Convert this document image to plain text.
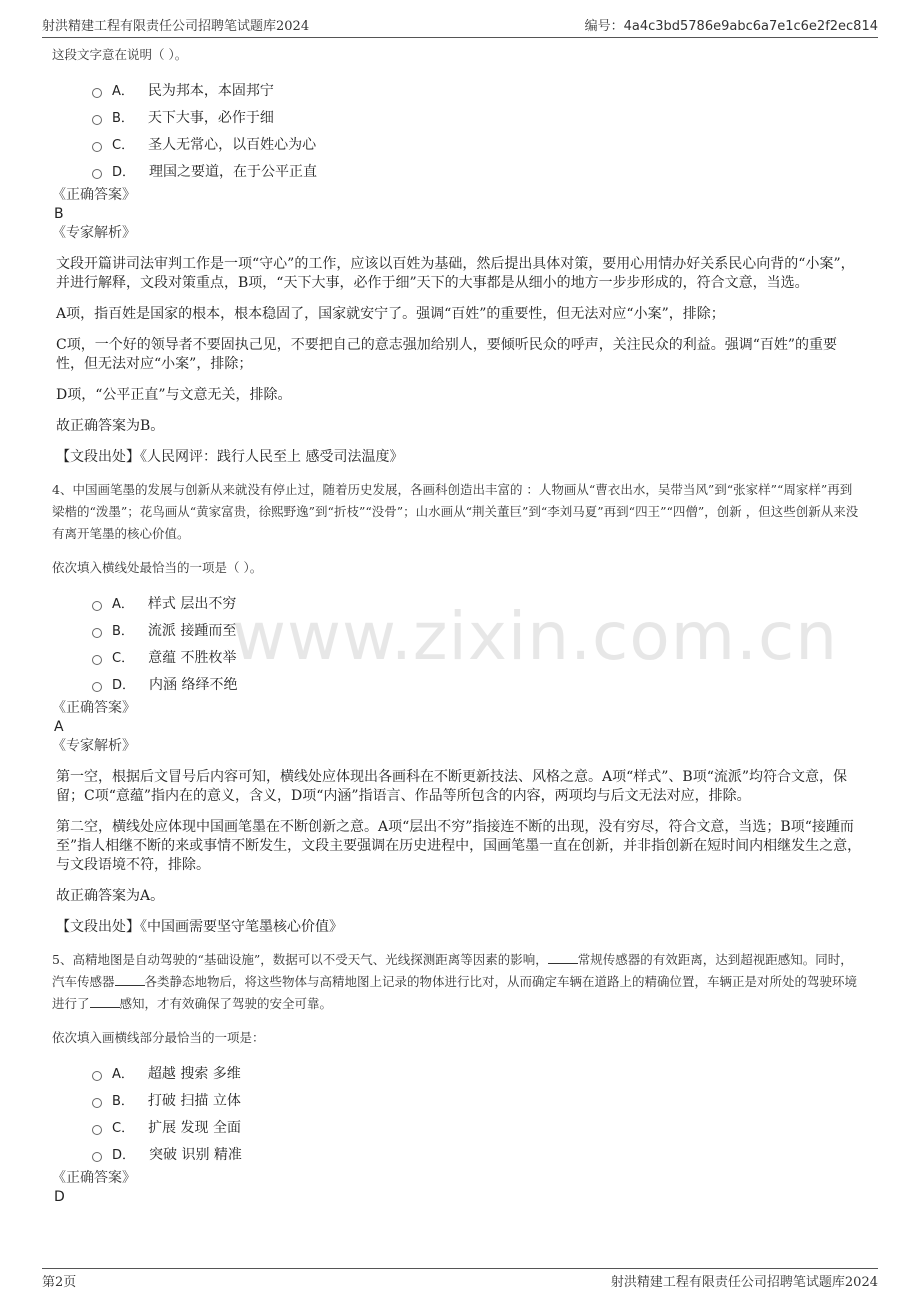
射洪精建工程有限责任公司招聘笔试题库2024	编号：4a4c3bd5786e9abc6a7e1c6e2f2ec814
www.zixin.com.cn

这段文字意在说明（ ）。

A． 民为邦本，本固邦宁
B． 天下大事，必作于细
C． 圣人无常心，以百姓心为心
D． 理国之要道，在于公平正直

《正确答案》

B

《专家解析》

文段开篇讲司法审判工作是一项“守心”的工作，应该以百姓为基础，然后提出具体对策，要用心用情办好关系民心向背的“小案”，并进行解释，文段对策重点，B项，“天下大事，必作于细”天下的大事都是从细小的地方一步步形成的，符合文意，当选。

A项，指百姓是国家的根本，根本稳固了，国家就安宁了。强调“百姓”的重要性，但无法对应“小案”，排除；

C项，一个好的领导者不要固执己见，不要把自己的意志强加给别人，要倾听民众的呼声，关注民众的利益。强调“百姓”的重要性，但无法对应“小案”，排除；

D项，“公平正直”与文意无关，排除。

故正确答案为B。

【文段出处】《人民网评：践行人民至上 感受司法温度》

4、中国画笔墨的发展与创新从来就没有停止过，随着历史发展，各画科创造出丰富的 ：人物画从“曹衣出水，吴带当风”到“张家样”“周家样”再到梁楷的“泼墨”；花鸟画从“黄家富贵，徐熙野逸”到“折枝”“没骨”；山水画从“荆关董巨”到“李刘马夏”再到“四王”“四僧”，创新 ，但这些创新从来没有离开笔墨的核心价值。

依次填入横线处最恰当的一项是（ ）。

A． 样式 层出不穷
B． 流派 接踵而至
C． 意蕴 不胜枚举
D． 内涵 络绎不绝

《正确答案》

A

《专家解析》

第一空，根据后文冒号后内容可知，横线处应体现出各画科在不断更新技法、风格之意。A项“样式”、B项“流派”均符合文意，保留；C项“意蕴”指内在的意义，含义，D项“内涵”指语言、作品等所包含的内容，两项均与后文无法对应，排除。

第二空，横线处应体现中国画笔墨在不断创新之意。A项“层出不穷”指接连不断的出现，没有穷尽，符合文意，当选；B项“接踵而至”指人相继不断的来或事情不断发生，文段主要强调在历史进程中，国画笔墨一直在创新，并非指创新在短时间内相继发生之意，与文段语境不符，排除。

故正确答案为A。

【文段出处】《中国画需要坚守笔墨核心价值》

5、高精地图是自动驾驶的“基础设施”，数据可以不受天气、光线探测距离等因素的影响， 常规传感器的有效距离，达到超视距感知。同时，汽车传感器 各类静态地物后，将这些物体与高精地图上记录的物体进行比对，从而确定车辆在道路上的精确位置，车辆正是对所处的驾驶环境进行了 感知，才有效确保了驾驶的安全可靠。

依次填入画横线部分最恰当的一项是：

A． 超越 搜索 多维
B． 打破 扫描 立体
C． 扩展 发现 全面
D． 突破 识别 精准

《正确答案》

D

第2页	射洪精建工程有限责任公司招聘笔试题库2024
